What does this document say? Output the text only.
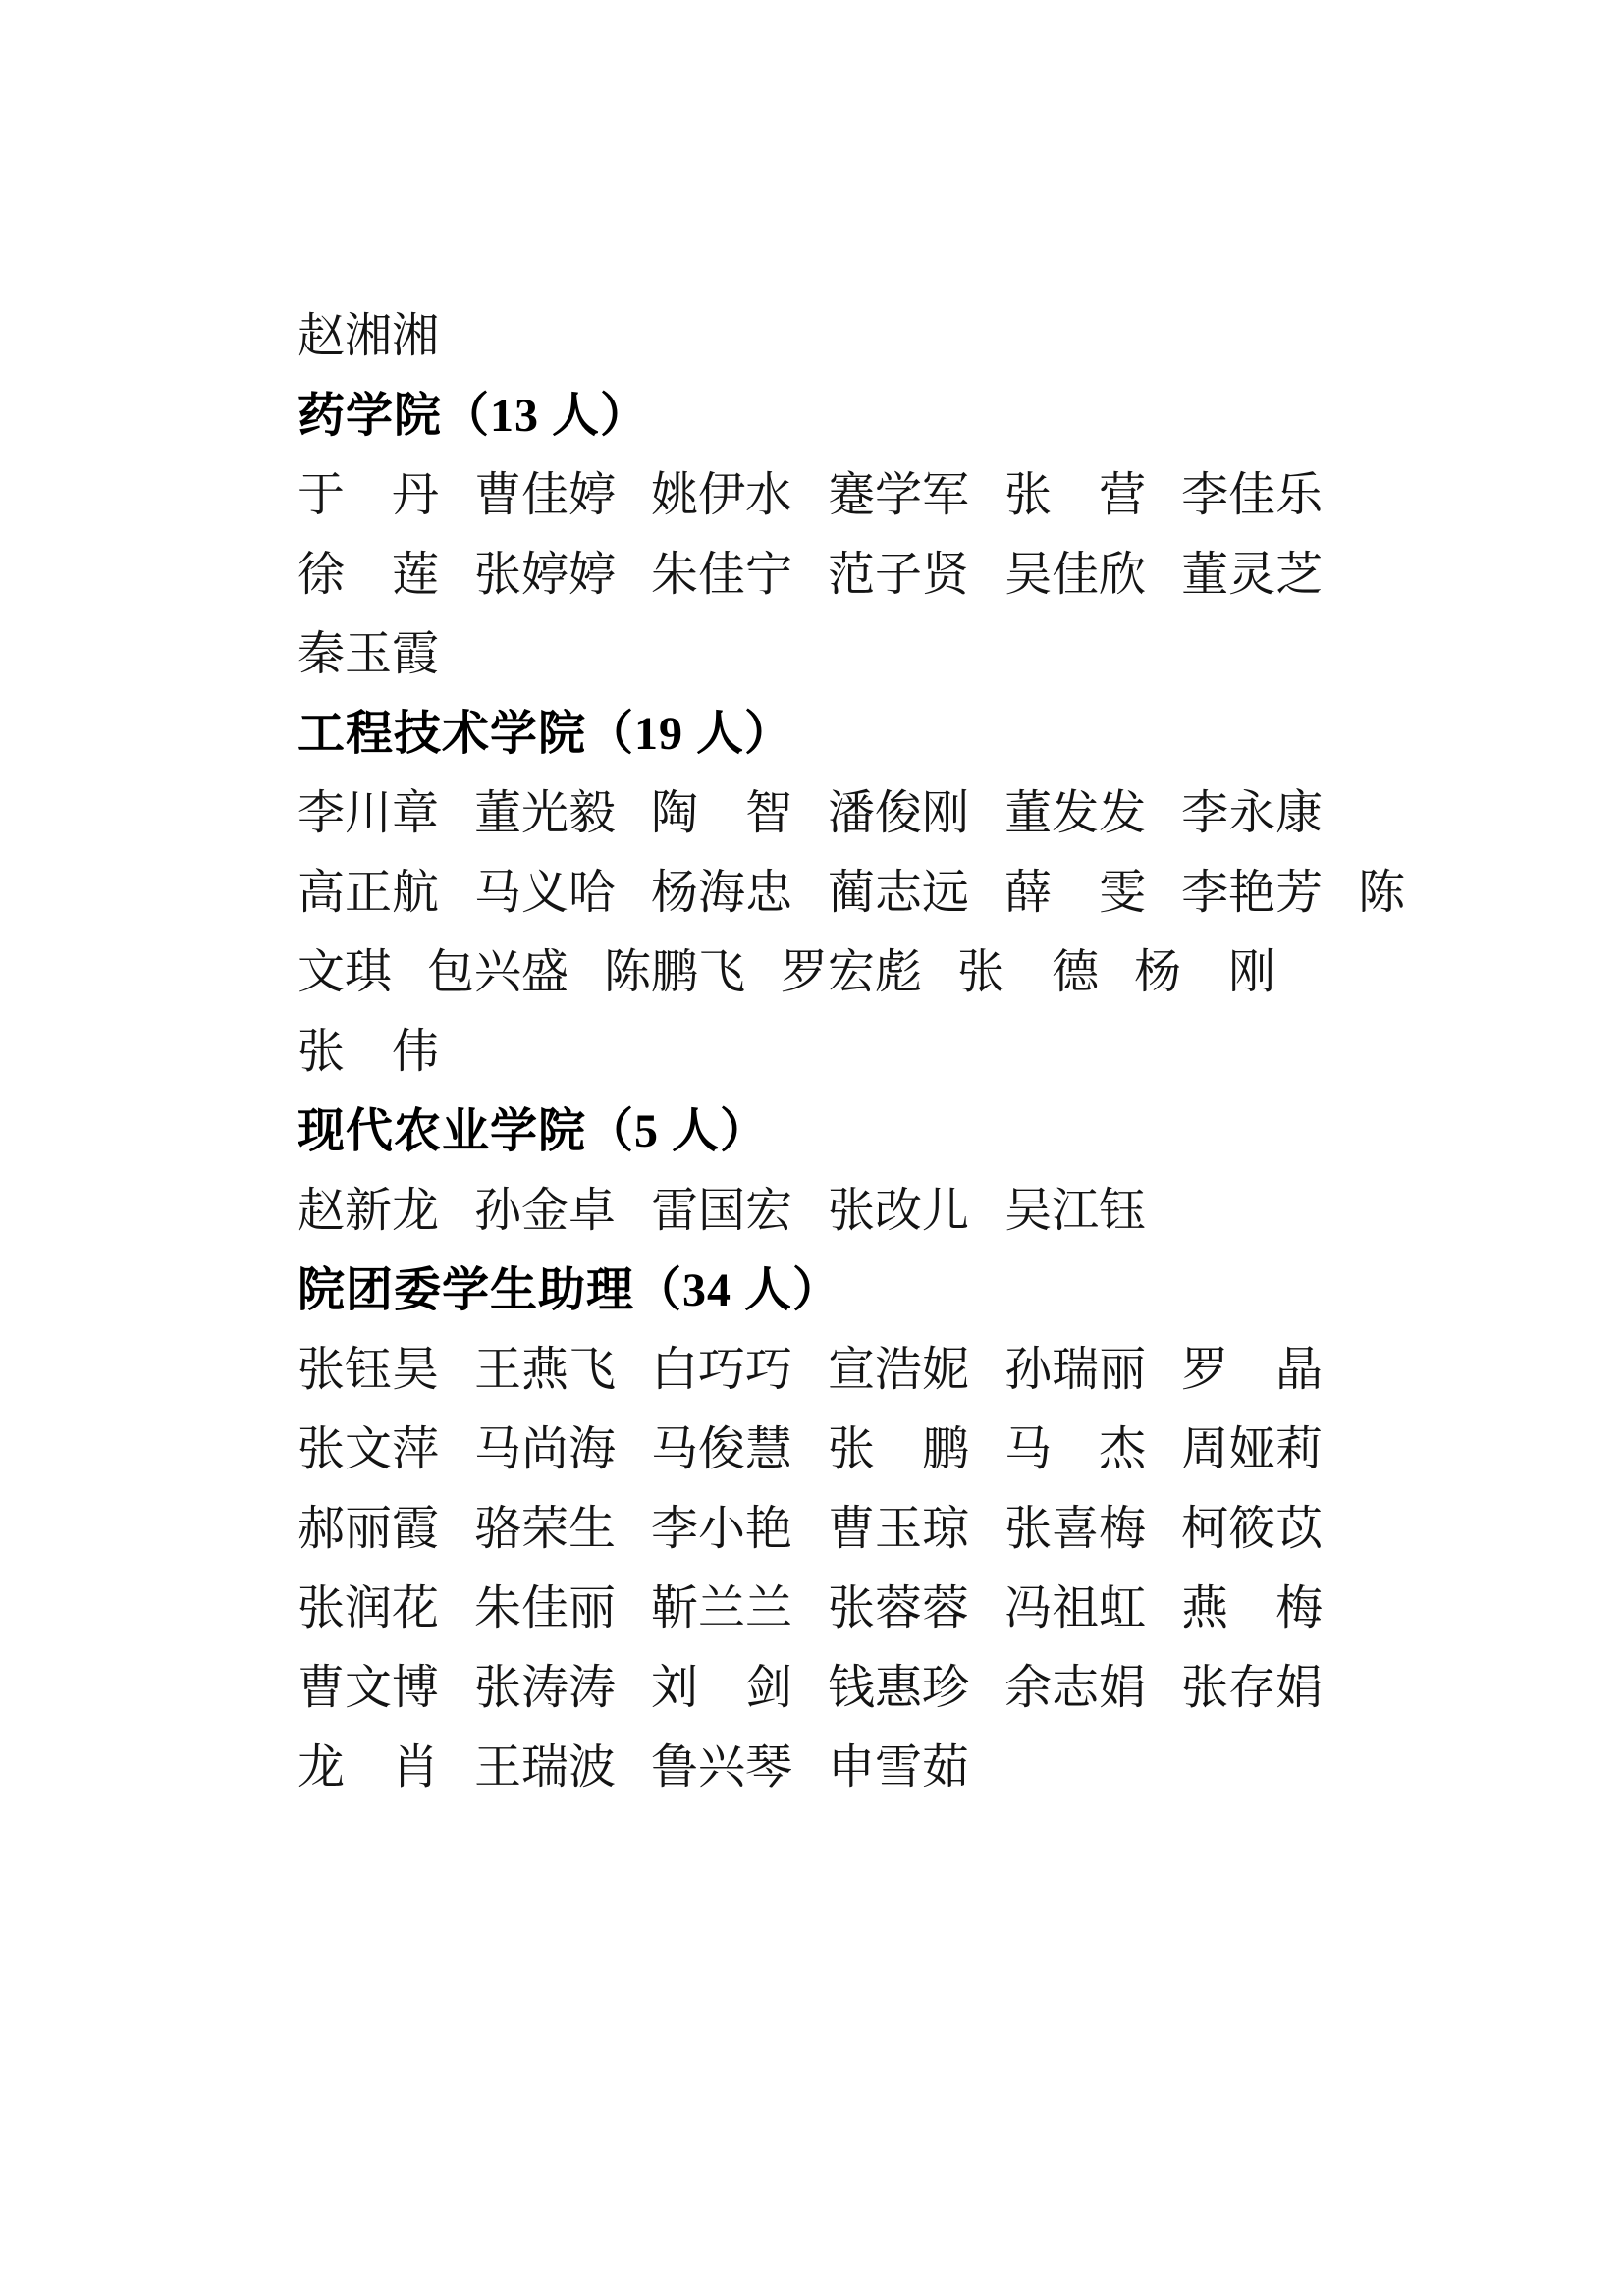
赵湘湘
药学院（13 人）
于　丹 曹佳婷 姚伊水 蹇学军 张　营 李佳乐
徐　莲 张婷婷 朱佳宁 范子贤 吴佳欣 董灵芝
秦玉霞
工程技术学院（19 人）
李川章 董光毅 陶　智 潘俊刚 董发发 李永康
高正航 马义哈 杨海忠 蔺志远 薛　雯 李艳芳 陈
文琪 包兴盛 陈鹏飞 罗宏彪 张　德 杨　刚
张　伟
现代农业学院（5 人）
赵新龙 孙金卓 雷国宏 张改儿 吴江钰
院团委学生助理（34 人）
张钰昊 王燕飞 白巧巧 宣浩妮 孙瑞丽 罗　晶
张文萍 马尚海 马俊慧 张　鹏 马　杰 周娅莉
郝丽霞 骆荣生 李小艳 曹玉琼 张喜梅 柯筱苡
张润花 朱佳丽 靳兰兰 张蓉蓉 冯祖虹 燕　梅
曹文博 张涛涛 刘　剑 钱惠珍 余志娟 张存娟
龙　肖 王瑞波 鲁兴琴 申雪茹
